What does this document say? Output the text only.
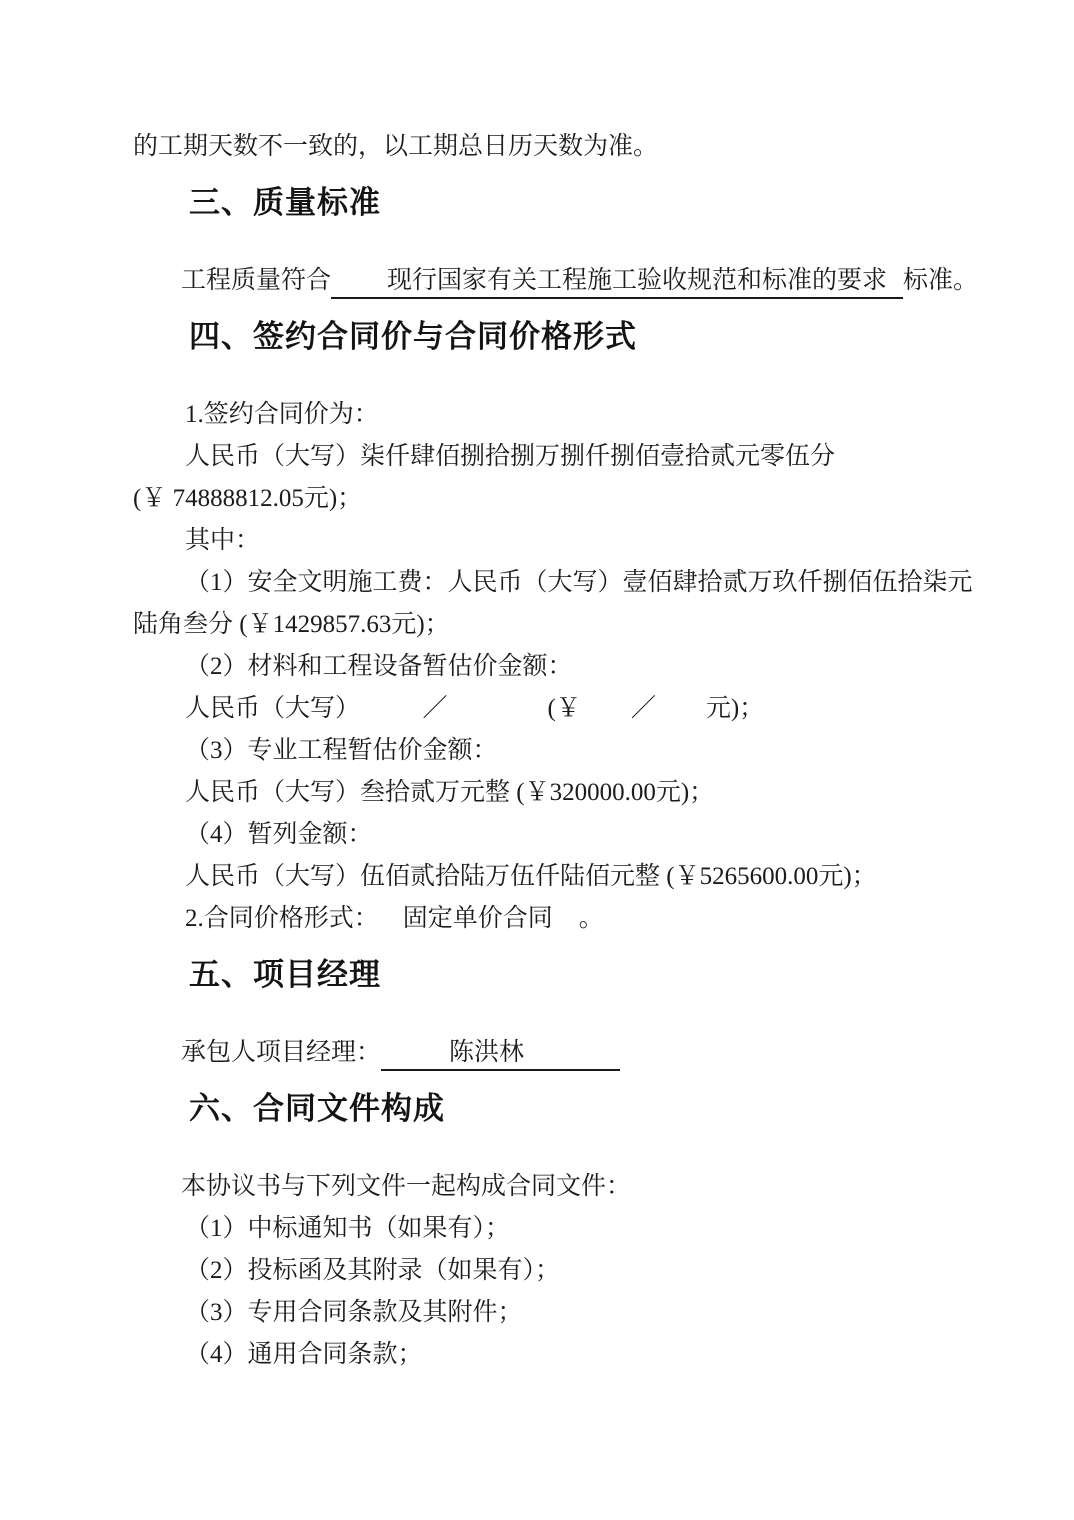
的工期天数不一致的，以工期总日历天数为准。

三、质量标准

工程质量符合 现行国家有关工程施工验收规范和标准的要求 标准。

四、签约合同价与合同价格形式

1.签约合同价为：

人民币（大写）柒仟肆佰捌拾捌万捌仟捌佰壹拾贰元零伍分

(￥ 74888812.05元)；

其中：

（1）安全文明施工费：人民币（大写）壹佰肆拾贰万玖仟捌佰伍拾柒元

陆角叁分 (￥1429857.63元)；

（2）材料和工程设备暂估价金额：

人民币（大写）　　　／　　　　(￥　　／　　元)；

（3）专业工程暂估价金额：

人民币（大写）叁拾贰万元整 (￥320000.00元)；

（4）暂列金额：

人民币（大写）伍佰贰拾陆万伍仟陆佰元整 (￥5265600.00元)；

2.合同价格形式： 固定单价合同 。

五、项目经理

承包人项目经理：	陈洪林

六、合同文件构成

本协议书与下列文件一起构成合同文件：

（1）中标通知书（如果有）；

（2）投标函及其附录（如果有）；

（3）专用合同条款及其附件；

（4）通用合同条款；
